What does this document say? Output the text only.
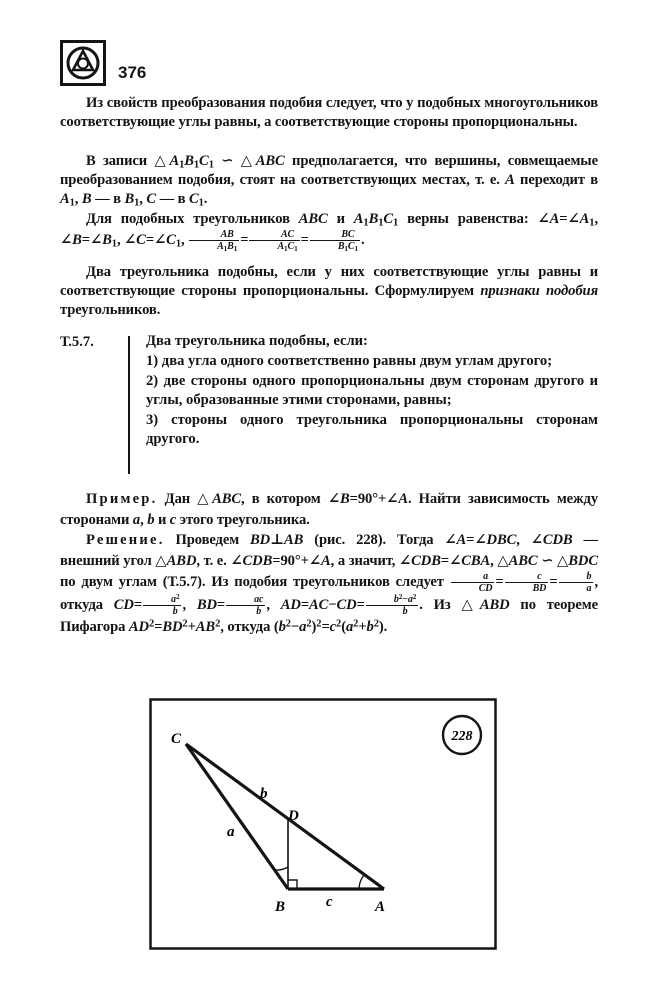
376
Из свойств преобразования подобия следует, что у подобных многоугольников соответствующие углы равны, а соответствующие стороны пропорциональны.
В записи $\triangle A_1B_1C_1$ ∽ △ABC предполагается, что вершины, совмещаемые преобразованием подобия, стоят на соответствующих местах, т. е. A переходит в $A_1$, B — в $B_1$, C — в $C_1$.
Для подобных треугольников ABC и $A_1B_1C_1$ верны равенства: $\angle A=\angle A_1$, $\angle B=\angle B_1$, $\angle C=\angle C_1$, $\frac{AB}{A_1B_1} = \frac{AC}{A_1C_1} = \frac{BC}{B_1C_1}$ .
Два треугольника подобны, если у них соответствующие углы равны и соответствующие стороны пропорциональны. Сформулируем признаки подобия треугольников.
Т.5.7.	Два треугольника подобны, если:

1) два угла одного соответственно равны двум углам другого;

2) две стороны одного пропорциональны двум сторонам другого и углы, образованные этими сторонами, равны;

3) стороны одного треугольника пропорциональны сторонам другого.

Пример. Дан △ABC, в котором ∠B=90°+∠A. Найти зависимость между сторонами a, b и c этого треугольника.
Решение. Проведем BD⊥AB (рис. 228). Тогда ∠A=∠DBC, ∠CDB — внешний угол △ABD, т. е. ∠CDB=90°+∠A, а значит, ∠CDB=∠CBA, △ABC ∽ △BDC по двум углам (Т.5.7). Из подобия треугольников следует $\frac{a}{CD} = \frac{c}{BD} = \frac{b}{a}$ , откуда $CD= \frac{a^2}{b}$ , $BD= \frac{ac}{b}$ , $AD=AC-CD= \frac{b^2-a^2}{b}$ . Из △ABD по теореме Пифагора $AD^2=BD^2+AB^2$, откуда $(b^2-a^2)^2=c^2(a^2+b^2)$.
228
C
D
B	A
a
b
c
